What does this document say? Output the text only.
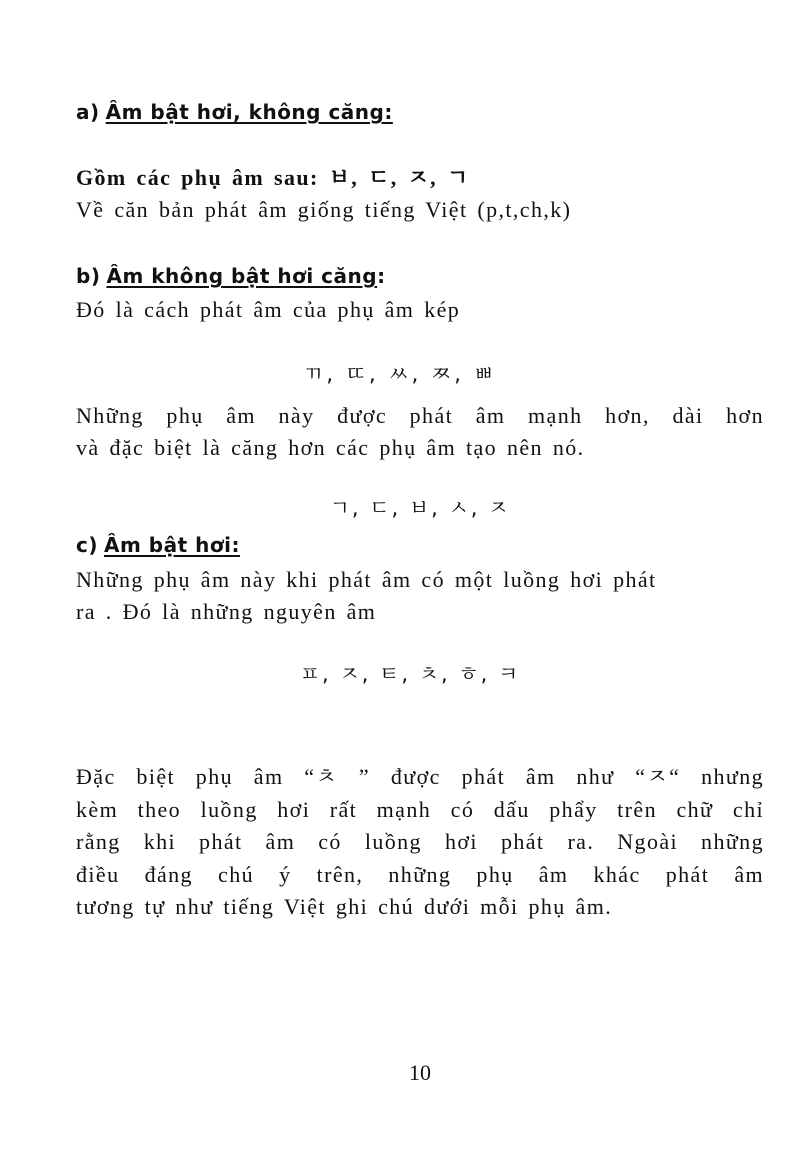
a) Âm bật hơi, không căng:

Gồm các phụ âm sau: ㅂ, ㄷ, ㅈ, ㄱ

Về căn bản phát âm giống tiếng Việt (p,t,ch,k)

b) Âm không bật hơi căng:

Đó là cách phát âm của phụ âm kép

ㄲ, ㄸ, ㅆ, ㅉ, ㅃ

Những phụ âm này được phát âm mạnh hơn, dài hơn

và đặc biệt là căng hơn các phụ âm tạo nên nó.

ㄱ, ㄷ, ㅂ, ㅅ, ㅈ

c) Âm bật hơi:

Những phụ âm này khi phát âm có một luồng hơi phát

ra . Đó là những nguyên âm

ㅍ, ㅈ, ㅌ, ㅊ, ㅎ, ㅋ

Đặc biệt phụ âm “ㅊ ” được phát âm như “ㅈ“ nhưng

kèm theo luồng hơi rất mạnh có dấu phẩy trên chữ chỉ

rằng khi phát âm có luồng hơi phát ra. Ngoài những

điều đáng chú ý trên, những phụ âm khác phát âm

tương tự như tiếng Việt ghi chú dưới mỗi phụ âm.

10
